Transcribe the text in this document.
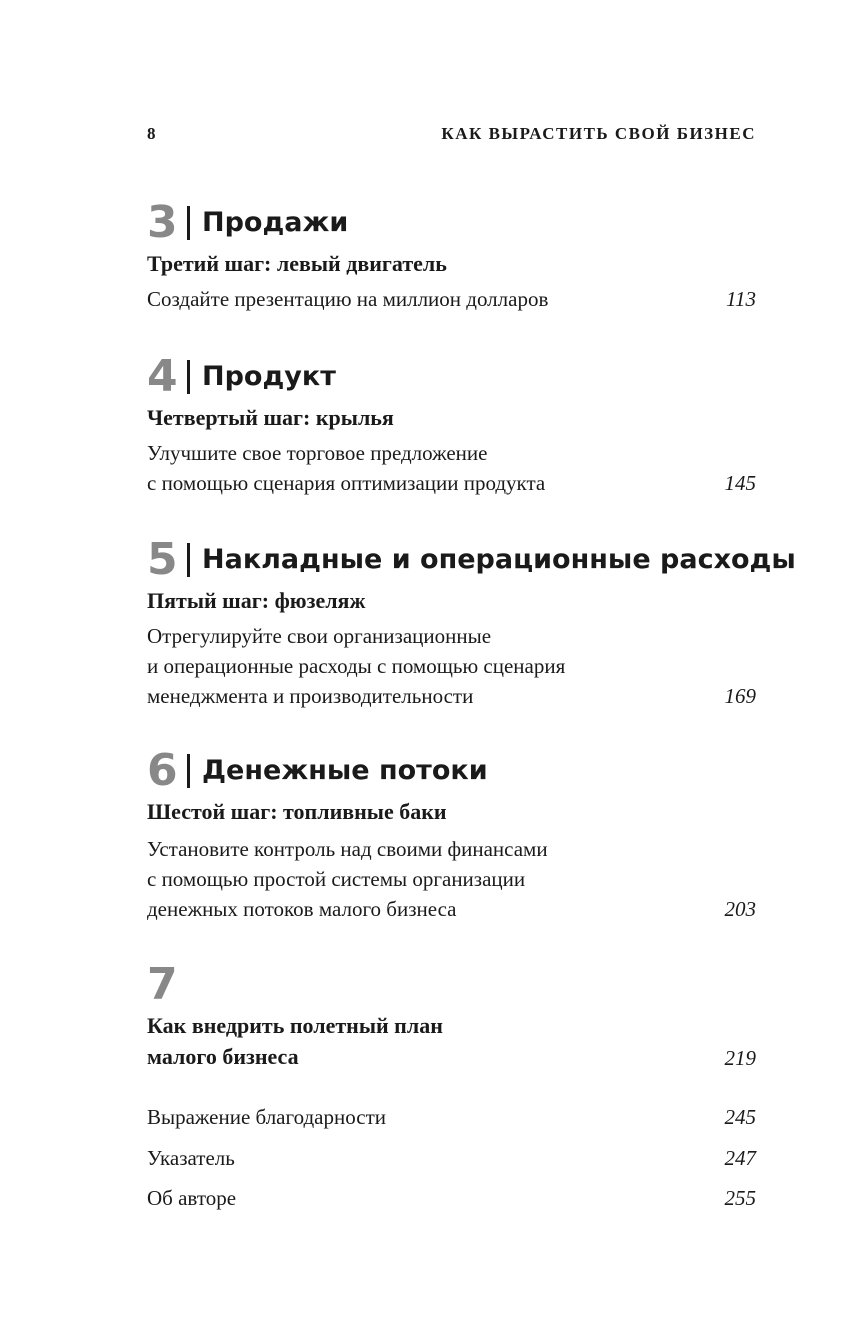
8	КАК ВЫРАСТИТЬ СВОЙ БИЗНЕС
3 Продажи
Третий шаг: левый двигатель
Создайте презентацию на миллион долларов	113
4 Продукт
Четвертый шаг: крылья
Улучшите свое торговое предложение
с помощью сценария оптимизации продукта	145
5 Накладные и операционные расходы
Пятый шаг: фюзеляж
Отрегулируйте свои организационные
и операционные расходы с помощью сценария
менеджмента и производительности	169
6 Денежные потоки
Шестой шаг: топливные баки
Установите контроль над своими финансами
с помощью простой системы организации
денежных потоков малого бизнеса	203
7
Как внедрить полетный план
малого бизнеса	219
Выражение благодарности	245
Указатель	247
Об авторе	255
